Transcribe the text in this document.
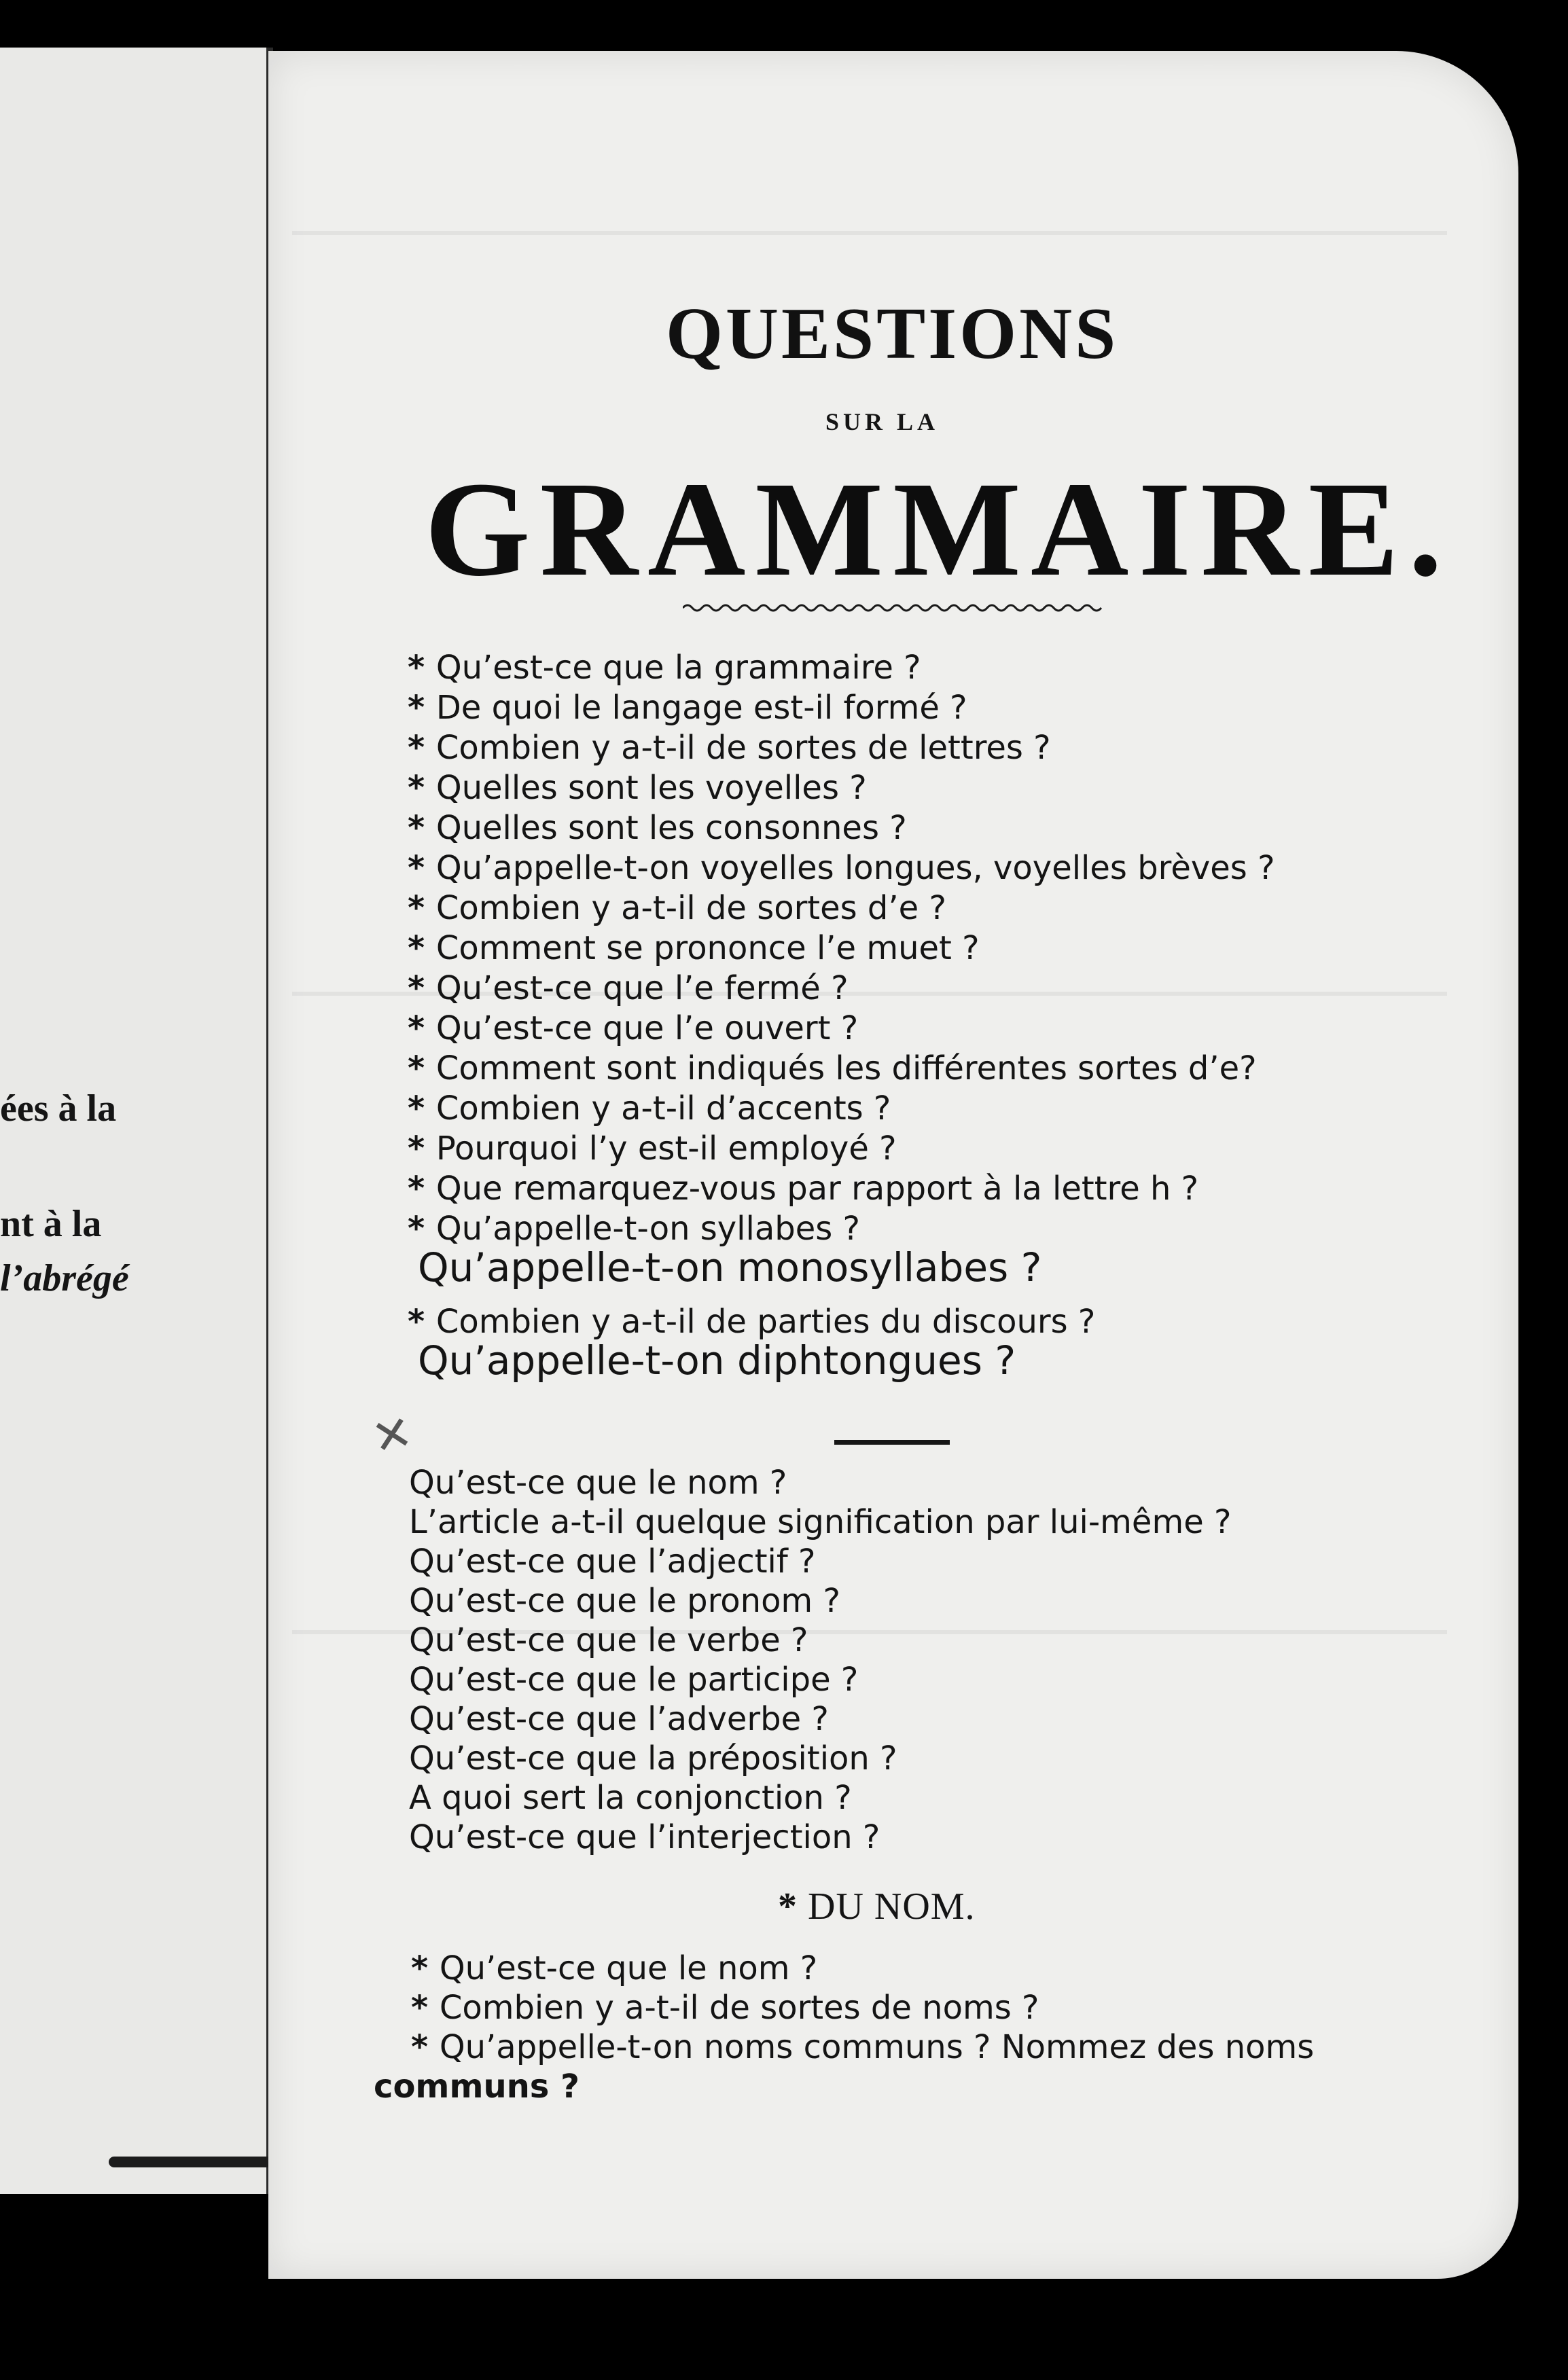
ées à la
nt à la
l’abrégé
QUESTIONS
SUR LA
GRAMMAIRE.
* Qu’est-ce que la grammaire ?
* De quoi le langage est-il formé ?
* Combien y a-t-il de sortes de lettres ?
* Quelles sont les voyelles ?
* Quelles sont les consonnes ?
* Qu’appelle-t-on voyelles longues, voyelles brèves ?
* Combien y a-t-il de sortes d’e ?
* Comment se prononce l’e muet ?
* Qu’est-ce que l’e fermé ?
* Qu’est-ce que l’e ouvert ?
* Comment sont indiqués les différentes sortes d’e?
* Combien y a-t-il d’accents ?
* Pourquoi l’y est-il employé ?
* Que remarquez-vous par rapport à la lettre h ?
* Qu’appelle-t-on syllabes ?
Qu’appelle-t-on monosyllabes ?
* Combien y a-t-il de parties du discours ?
Qu’appelle-t-on diphtongues ?
✕
Qu’est-ce que le nom ?
L’article a-t-il quelque signification par lui-même ?
Qu’est-ce que l’adjectif ?
Qu’est-ce que le pronom ?
Qu’est-ce que le verbe ?
Qu’est-ce que le participe ?
Qu’est-ce que l’adverbe ?
Qu’est-ce que la préposition ?
A quoi sert la conjonction ?
Qu’est-ce que l’interjection ?
* DU NOM.
* Qu’est-ce que le nom ?
* Combien y a-t-il de sortes de noms ?
* Qu’appelle-t-on noms communs ? Nommez des noms
communs ?
